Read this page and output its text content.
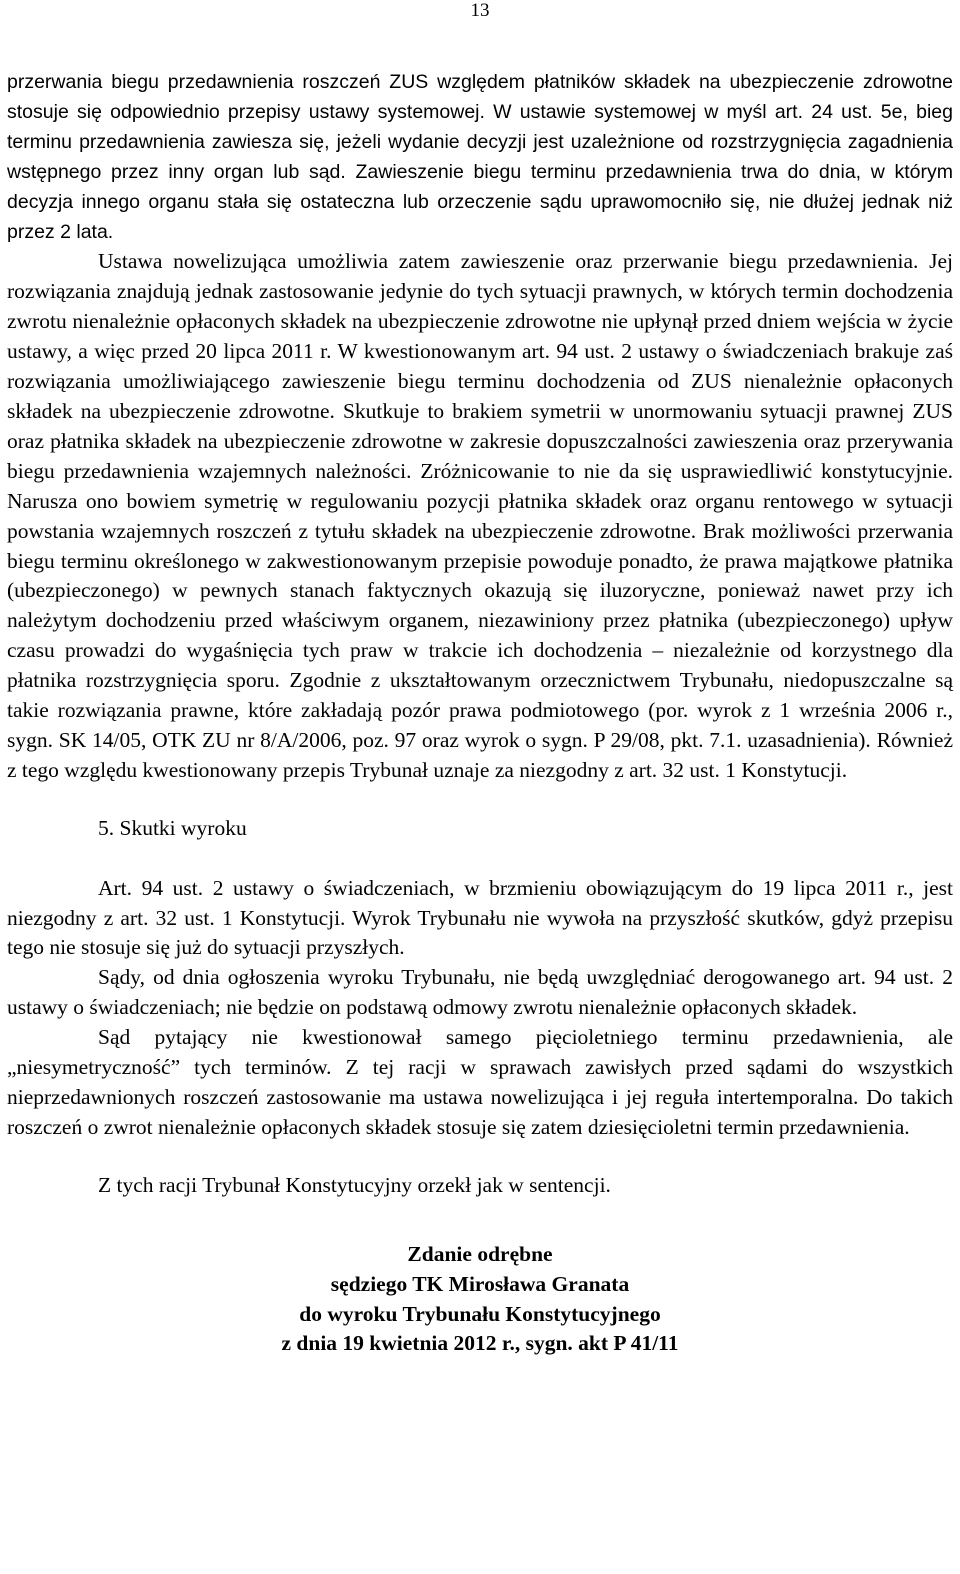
13

przerwania biegu przedawnienia roszczeń ZUS względem płatników składek na ubezpieczenie zdrowotne stosuje się odpowiednio przepisy ustawy systemowej. W ustawie systemowej w myśl art. 24 ust. 5e, bieg terminu przedawnienia zawiesza się, jeżeli wydanie decyzji jest uzależnione od rozstrzygnięcia zagadnienia wstępnego przez inny organ lub sąd. Zawieszenie biegu terminu przedawnienia trwa do dnia, w którym decyzja innego organu stała się ostateczna lub orzeczenie sądu uprawomocniło się, nie dłużej jednak niż przez 2 lata.

Ustawa nowelizująca umożliwia zatem zawieszenie oraz przerwanie biegu przedawnienia. Jej rozwiązania znajdują jednak zastosowanie jedynie do tych sytuacji prawnych, w których termin dochodzenia zwrotu nienależnie opłaconych składek na ubezpieczenie zdrowotne nie upłynął przed dniem wejścia w życie ustawy, a więc przed 20 lipca 2011 r. W kwestionowanym art. 94 ust. 2 ustawy o świadczeniach brakuje zaś rozwiązania umożliwiającego zawieszenie biegu terminu dochodzenia od ZUS nienależnie opłaconych składek na ubezpieczenie zdrowotne. Skutkuje to brakiem symetrii w unormowaniu sytuacji prawnej ZUS oraz płatnika składek na ubezpieczenie zdrowotne w zakresie dopuszczalności zawieszenia oraz przerywania biegu przedawnienia wzajemnych należności. Zróżnicowanie to nie da się usprawiedliwić konstytucyjnie. Narusza ono bowiem symetrię w regulowaniu pozycji płatnika składek oraz organu rentowego w sytuacji powstania wzajemnych roszczeń z tytułu składek na ubezpieczenie zdrowotne. Brak możliwości przerwania biegu terminu określonego w zakwestionowanym przepisie powoduje ponadto, że prawa majątkowe płatnika (ubezpieczonego) w pewnych stanach faktycznych okazują się iluzoryczne, ponieważ nawet przy ich należytym dochodzeniu przed właściwym organem, niezawiniony przez płatnika (ubezpieczonego) upływ czasu prowadzi do wygaśnięcia tych praw w trakcie ich dochodzenia – niezależnie od korzystnego dla płatnika rozstrzygnięcia sporu. Zgodnie z ukształtowanym orzecznictwem Trybunału, niedopuszczalne są takie rozwiązania prawne, które zakładają pozór prawa podmiotowego (por. wyrok z 1 września 2006 r., sygn. SK 14/05, OTK ZU nr 8/A/2006, poz. 97 oraz wyrok o sygn. P 29/08, pkt. 7.1. uzasadnienia). Również z tego względu kwestionowany przepis Trybunał uznaje za niezgodny z art. 32 ust. 1 Konstytucji.

5. Skutki wyroku

Art. 94 ust. 2 ustawy o świadczeniach, w brzmieniu obowiązującym do 19 lipca 2011 r., jest niezgodny z art. 32 ust. 1 Konstytucji. Wyrok Trybunału nie wywoła na przyszłość skutków, gdyż przepisu tego nie stosuje się już do sytuacji przyszłych.

Sądy, od dnia ogłoszenia wyroku Trybunału, nie będą uwzględniać derogowanego art. 94 ust. 2 ustawy o świadczeniach; nie będzie on podstawą odmowy zwrotu nienależnie opłaconych składek.

Sąd pytający nie kwestionował samego pięcioletniego terminu przedawnienia, ale „niesymetryczność” tych terminów. Z tej racji w sprawach zawisłych przed sądami do wszystkich nieprzedawnionych roszczeń zastosowanie ma ustawa nowelizująca i jej reguła intertemporalna. Do takich roszczeń o zwrot nienależnie opłaconych składek stosuje się zatem dziesięcioletni termin przedawnienia.

Z tych racji Trybunał Konstytucyjny orzekł jak w sentencji.

Zdanie odrębne
sędziego TK Mirosława Granata
do wyroku Trybunału Konstytucyjnego
z dnia 19 kwietnia 2012 r., sygn. akt P 41/11
